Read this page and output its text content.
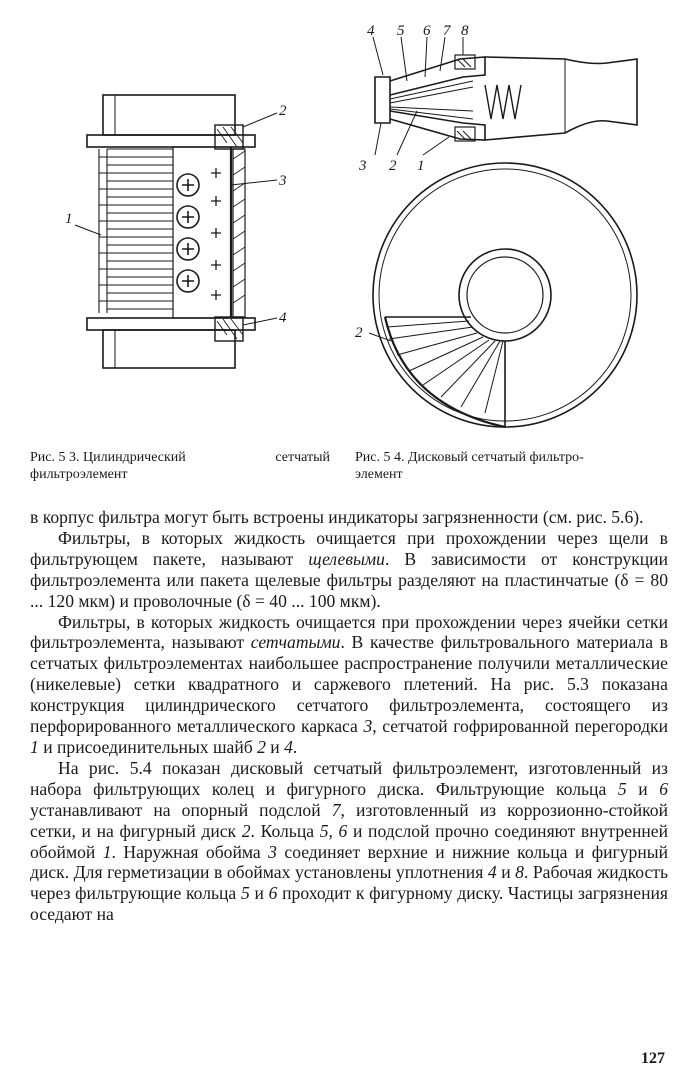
1
2
3
4
4 5 6 7 8
3 2 1
2
Рис. 5 3. Цилиндрический	сетчатый
фильтроэлемент
Рис. 5 4. Дисковый сетчатый фильтро-
элемент

в корпус фильтра могут быть встроены индикаторы загрязненности (см. рис. 5.6).

Фильтры, в которых жидкость очищается при прохождении через щели в фильтрующем пакете, называют щелевыми. В зависимости от конструкции фильтроэлемента или пакета щелевые фильтры разделяют на пластинчатые (δ = 80 ... 120 мкм) и проволочные (δ = 40 ... 100 мкм).

Фильтры, в которых жидкость очищается при прохождении через ячейки сетки фильтроэлемента, называют сетчатыми. В качестве фильтровального материала в сетчатых фильтроэлементах наибольшее распространение получили металлические (никелевые) сетки квадратного и саржевого плетений. На рис. 5.3 показана конструкция цилиндрического сетчатого фильтроэлемента, состоящего из перфорированного металлического каркаса 3, сетчатой гофрированной перегородки 1 и присоединительных шайб 2 и 4.

На рис. 5.4 показан дисковый сетчатый фильтроэлемент, изготовленный из набора фильтрующих колец и фигурного диска. Фильтрующие кольца 5 и 6 устанавливают на опорный подслой 7, изготовленный из коррозионно-стойкой сетки, и на фигурный диск 2. Кольца 5, 6 и подслой прочно соединяют внутренней обоймой 1. Наружная обойма 3 соединяет верхние и нижние кольца и фигурный диск. Для герметизации в обоймах установлены уплотнения 4 и 8. Рабочая жидкость через фильтрующие кольца 5 и 6 проходит к фигурному диску. Частицы загрязнения оседают на

127
